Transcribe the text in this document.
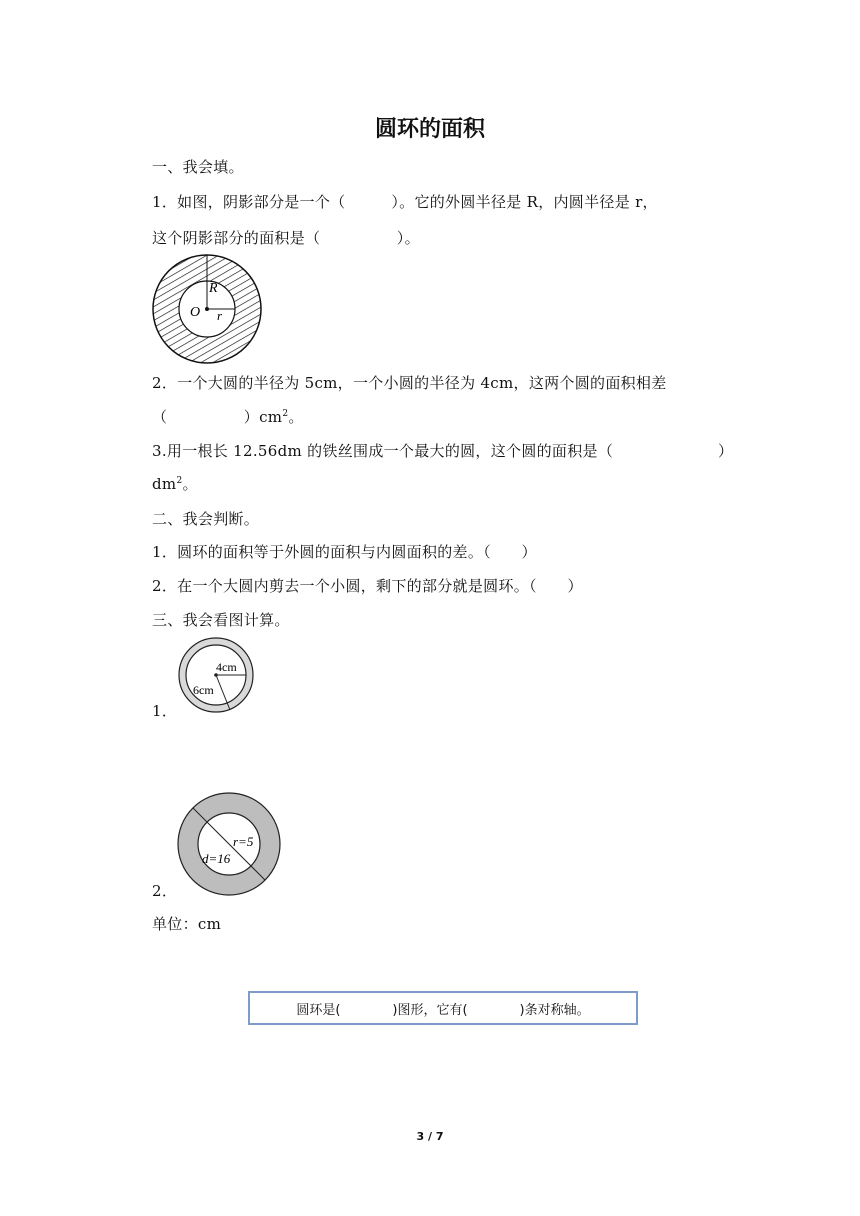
圆环的面积
一、我会填。
1．如图，阴影部分是一个（　　　）。它的外圆半径是 R，内圆半径是 r，
这个阴影部分的面积是（　　　　　）。
R
O r
2．一个大圆的半径为 5cm，一个小圆的半径为 4cm，这两个圆的面积相差
（　　　　　）$cm^2$。
3.用一根长 12.56dm 的铁丝围成一个最大的圆，这个圆的面积是（	）
$dm^2$。
二、我会判断。
1．圆环的面积等于外圆的面积与内圆面积的差。（　　）
2．在一个大圆内剪去一个小圆，剩下的部分就是圆环。（　　）
三、我会看图计算。
4cm
6cm
1．
r=5
d=16
2．
单位：cm
圆环是(　　　　)图形，它有(　　　　)条对称轴。
3 / 7
